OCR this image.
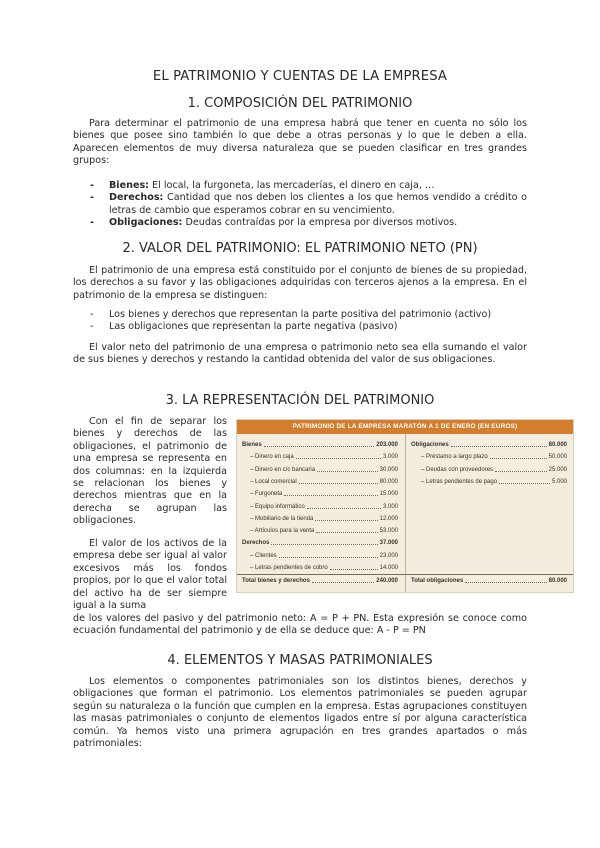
EL PATRIMONIO Y CUENTAS DE LA EMPRESA
1. COMPOSICIÓN DEL PATRIMONIO
Para determinar el patrimonio de una empresa habrá que tener en cuenta no sólo los bienes que posee sino también lo que debe a otras personas y lo que le deben a ella. Aparecen elementos de muy diversa naturaleza que se pueden clasificar en tres grandes grupos:
- Bienes: El local, la furgoneta, las mercaderías, el dinero en caja, …
- Derechos: Cantidad que nos deben los clientes a los que hemos vendido a crédito o letras de cambio que esperamos cobrar en su vencimiento.
- Obligaciones: Deudas contraídas por la empresa por diversos motivos.
2. VALOR DEL PATRIMONIO: EL PATRIMONIO NETO (PN)
El patrimonio de una empresa está constituido por el conjunto de bienes de su propiedad, los derechos a su favor y las obligaciones adquiridas con terceros ajenos a la empresa. En el patrimonio de la empresa se distinguen:
- Los bienes y derechos que representan la parte positiva del patrimonio (activo)
- Las obligaciones que representan la parte negativa (pasivo)
El valor neto del patrimonio de una empresa o patrimonio neto sea ella sumando el valor de sus bienes y derechos y restando la cantidad obtenida del valor de sus obligaciones.
3. LA REPRESENTACIÓN DEL PATRIMONIO
Con el fin de separar los bienes y derechos de las obligaciones, el patrimonio de una empresa se representa en dos columnas: en la izquierda se relacionan los bienes y derechos mientras que en la derecha se agrupan las obligaciones.
El valor de los activos de la empresa debe ser igual al valor excesivos más los fondos propios, por lo que el valor total del activo ha de ser siempre igual a la suma
de los valores del pasivo y del patrimonio neto: A = P + PN. Esta expresión se conoce como ecuación fundamental del patrimonio y de ella se deduce que: A - P = PN
PATRIMONIO DE LA EMPRESA MARATÓN A 1 DE ENERO (EN EUROS)
Bienes	203.000
– Dinero en caja	3.000
– Dinero en c/c bancaria	30.000
– Local comercial	80.000
– Furgoneta	15.000
– Equipo informático	3.000
– Mobiliario de la tienda	12.000
– Artículos para la venta	53.000
Derechos	37.000
– Clientes	23.000
– Letras pendientes de cobro	14.000
Total bienes y derechos	240.000
Obligaciones	80.000
– Préstamo a largo plazo	50.000
– Deudas con proveedores	25.000
– Letras pendientes de pago	5.000
Total obligaciones	80.000
4. ELEMENTOS Y MASAS PATRIMONIALES
Los elementos o componentes patrimoniales son los distintos bienes, derechos y obligaciones que forman el patrimonio. Los elementos patrimoniales se pueden agrupar según su naturaleza o la función que cumplen en la empresa. Estas agrupaciones constituyen las masas patrimoniales o conjunto de elementos ligados entre sí por alguna característica común. Ya hemos visto una primera agrupación en tres grandes apartados o más patrimoniales:
